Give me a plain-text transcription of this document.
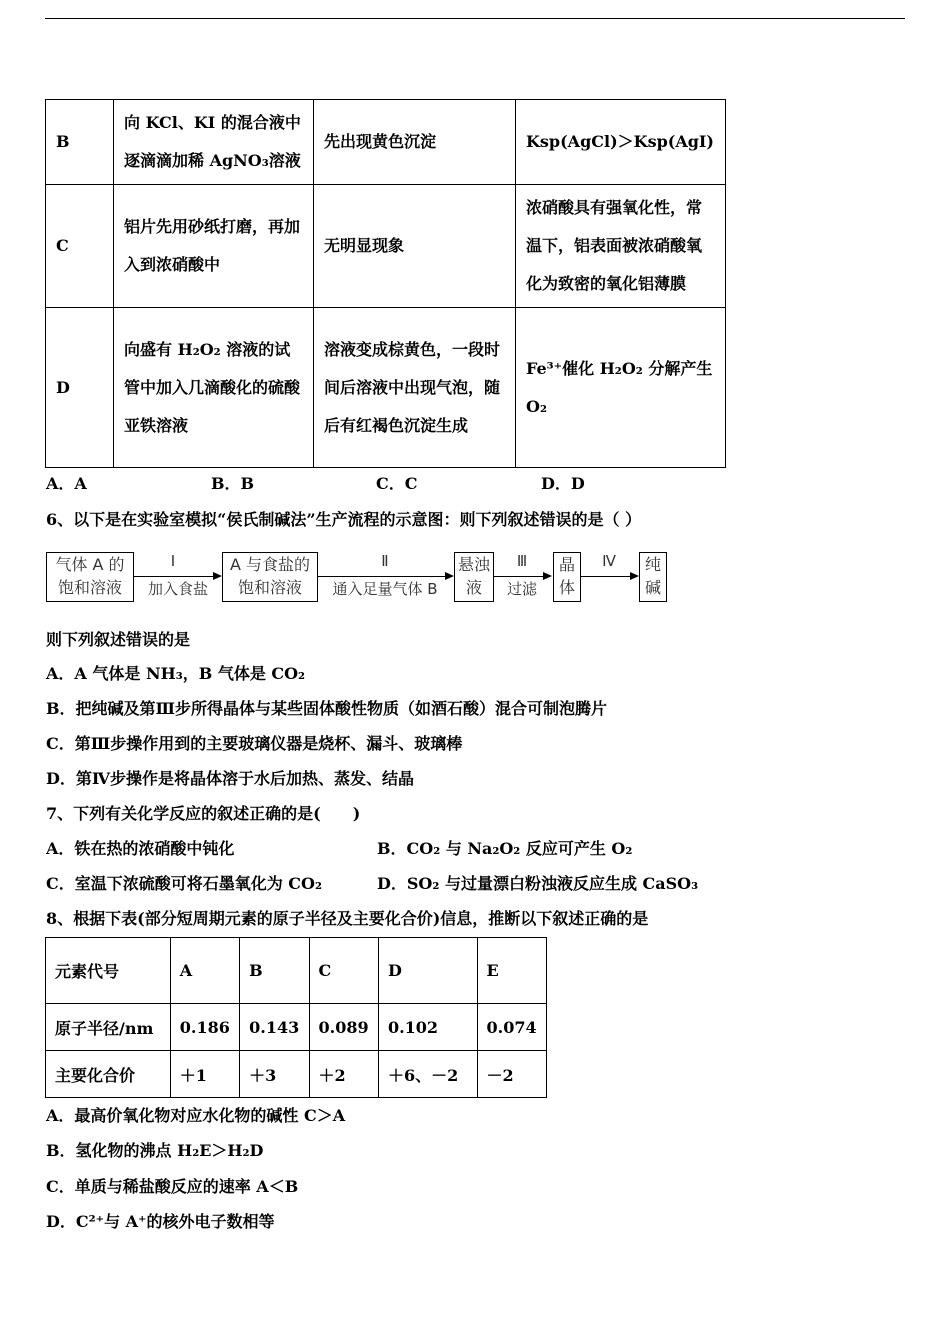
B	向 KCl、KI 的混合液中逐滴滴加稀 AgNO₃溶液	先出现黄色沉淀	Ksp(AgCl)＞Ksp(AgI)
C	铝片先用砂纸打磨，再加入到浓硝酸中	无明显现象	浓硝酸具有强氧化性，常温下，铝表面被浓硝酸氧化为致密的氧化铝薄膜
D	向盛有 H₂O₂ 溶液的试管中加入几滴酸化的硫酸亚铁溶液	溶液变成棕黄色，一段时间后溶液中出现气泡，随后有红褐色沉淀生成	Fe³⁺催化 H₂O₂ 分解产生 O₂
A．A	B．B	C．C	D．D
6、以下是在实验室模拟“侯氏制碱法”生产流程的示意图：则下列叙述错误的是（ ）
气体 A 的
饱和溶液
Ⅰ
加入食盐
A 与食盐的
饱和溶液
Ⅱ
通入足量气体 B
悬浊
液
Ⅲ
过滤
晶
体
Ⅳ	纯
碱
则下列叙述错误的是
A．A 气体是 NH₃，B 气体是 CO₂
B．把纯碱及第Ⅲ步所得晶体与某些固体酸性物质（如酒石酸）混合可制泡腾片
C．第Ⅲ步操作用到的主要玻璃仪器是烧杯、漏斗、玻璃棒
D．第Ⅳ步操作是将晶体溶于水后加热、蒸发、结晶
7、下列有关化学反应的叙述正确的是(　　)
A．铁在热的浓硝酸中钝化	B．CO₂ 与 Na₂O₂ 反应可产生 O₂
C．室温下浓硫酸可将石墨氧化为 CO₂	D．SO₂ 与过量漂白粉浊液反应生成 CaSO₃
8、根据下表(部分短周期元素的原子半径及主要化合价)信息，推断以下叙述正确的是
元素代号	A	B	C	D	E
原子半径/nm	0.186	0.143	0.089	0.102	0.074
主要化合价	＋1	＋3	＋2	＋6、－2	－2
A．最高价氧化物对应水化物的碱性 C＞A
B．氢化物的沸点 H₂E＞H₂D
C．单质与稀盐酸反应的速率 A＜B
D．C²⁺与 A⁺的核外电子数相等
